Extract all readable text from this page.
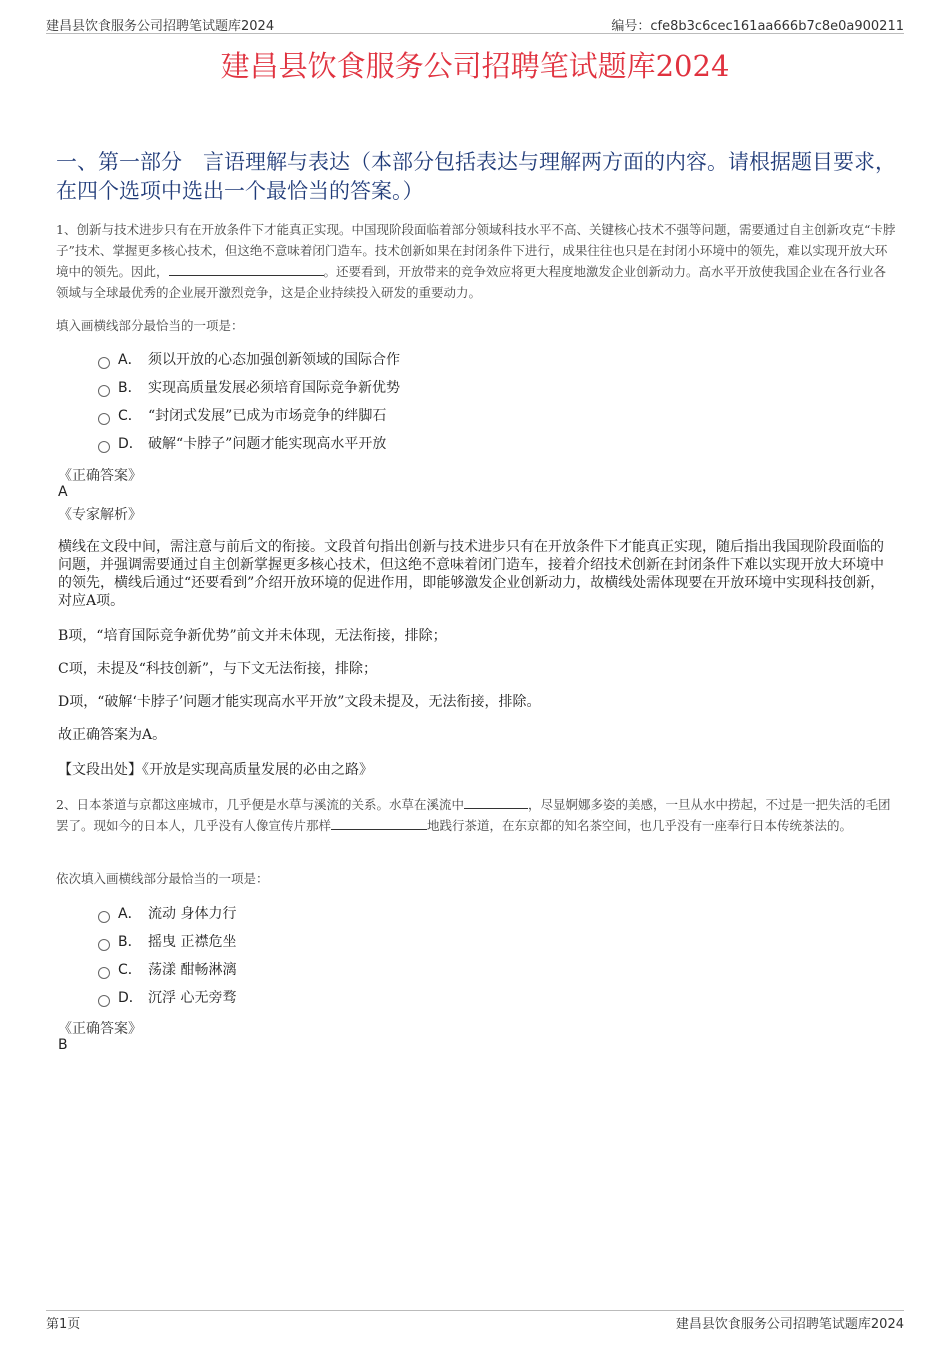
建昌县饮食服务公司招聘笔试题库2024	编号：cfe8b3c6cec161aa666b7c8e0a900211
建昌县饮食服务公司招聘笔试题库2024
一、第一部分　言语理解与表达（本部分包括表达与理解两方面的内容。请根据题目要求，在四个选项中选出一个最恰当的答案。）
1、创新与技术进步只有在开放条件下才能真正实现。中国现阶段面临着部分领域科技水平不高、关键核心技术不强等问题，需要通过自主创新攻克“卡脖子”技术、掌握更多核心技术，但这绝不意味着闭门造车。技术创新如果在封闭条件下进行，成果往往也只是在封闭小环境中的领先，难以实现开放大环境中的领先。因此，	。还要看到，开放带来的竞争效应将更大程度地激发企业创新动力。高水平开放使我国企业在各行业各领域与全球最优秀的企业展开激烈竞争，这是企业持续投入研发的重要动力。
填入画横线部分最恰当的一项是：
A． 须以开放的心态加强创新领域的国际合作
B． 实现高质量发展必须培育国际竞争新优势
C． “封闭式发展”已成为市场竞争的绊脚石
D． 破解“卡脖子”问题才能实现高水平开放
《正确答案》
A
《专家解析》
横线在文段中间，需注意与前后文的衔接。文段首句指出创新与技术进步只有在开放条件下才能真正实现，随后指出我国现阶段面临的问题，并强调需要通过自主创新掌握更多核心技术，但这绝不意味着闭门造车，接着介绍技术创新在封闭条件下难以实现开放大环境中的领先，横线后通过“还要看到”介绍开放环境的促进作用，即能够激发企业创新动力，故横线处需体现要在开放环境中实现科技创新，对应A项。
B项，“培育国际竞争新优势”前文并未体现，无法衔接，排除；
C项，未提及“科技创新”，与下文无法衔接，排除；
D项，“破解‘卡脖子’问题才能实现高水平开放”文段未提及，无法衔接，排除。
故正确答案为A。
【文段出处】《开放是实现高质量发展的必由之路》
2、日本茶道与京都这座城市，几乎便是水草与溪流的关系。水草在溪流中	，尽显婀娜多姿的美感，一旦从水中捞起，不过是一把失活的毛团罢了。现如今的日本人，几乎没有人像宣传片那样	地践行茶道，在东京都的知名茶空间，也几乎没有一座奉行日本传统茶法的。
依次填入画横线部分最恰当的一项是：
A． 流动 身体力行
B． 摇曳 正襟危坐
C． 荡漾 酣畅淋漓
D． 沉浮 心无旁骛
《正确答案》
B
第1页	建昌县饮食服务公司招聘笔试题库2024
